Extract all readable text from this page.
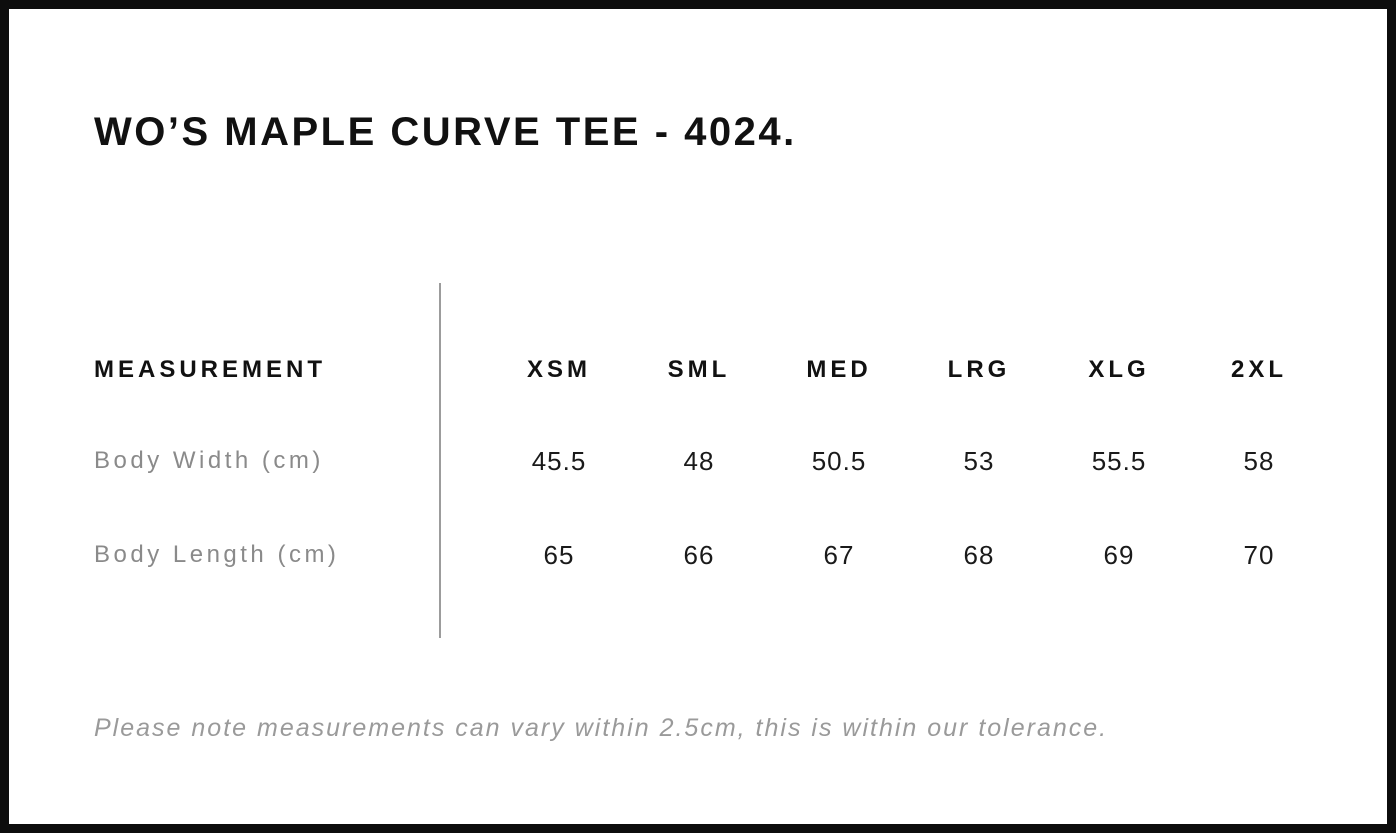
WO’S MAPLE CURVE TEE - 4024.
MEASUREMENT	XSM	SML	MED	LRG	XLG	2XL
Body Width (cm)	45.5	48	50.5	53	55.5	58
Body Length (cm)	65	66	67	68	69	70
Please note measurements can vary within 2.5cm, this is within our tolerance.
